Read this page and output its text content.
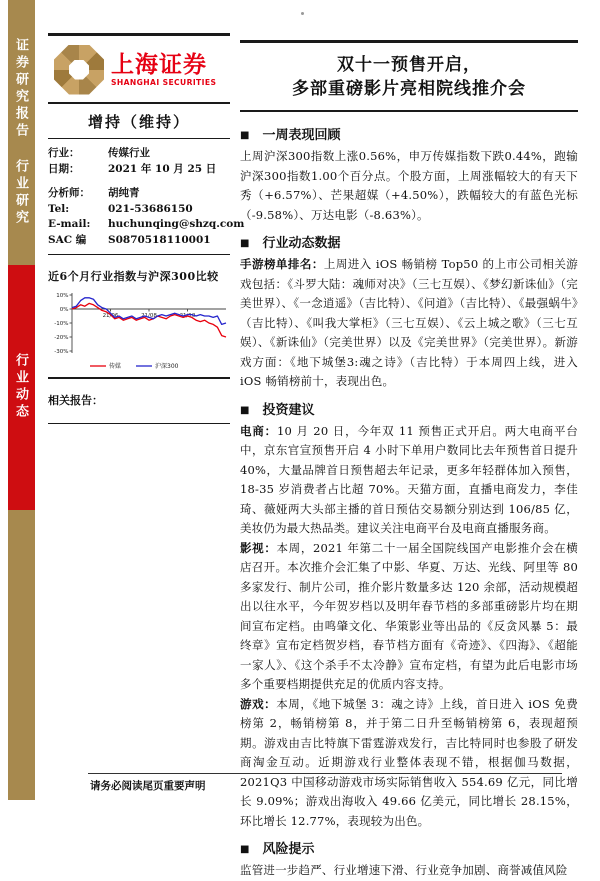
证券研究报告 行业研究
行业动态
上海证券
SHANGHAI SECURITIES
增持（维持）
行业：	传媒行业
日期：	2021 年 10 月 25 日
分析师：	胡纯青
Tel:	021-53686150
E-mail:	huchunqing@shzq.com
SAC 编	S0870518110001
近6个月行业指数与沪深300比较
10%
0%
-10%
-20%
-30%
21/06	21/08	21/10
传媒	沪深300
相关报告：
双十一预售开启，
多部重磅影片亮相院线推介会
■ 一周表现回顾

上周沪深300指数上涨0.56%，申万传媒指数下跌0.44%，跑输沪深300指数1.00个百分点。个股方面，上周涨幅较大的有天下秀（+6.57%）、芒果超媒（+4.50%），跌幅较大的有蓝色光标（-9.58%）、万达电影（-8.63%）。

■ 行业动态数据

手游榜单排名：上周进入 iOS 畅销榜 Top50 的上市公司相关游戏包括：《斗罗大陆：魂师对决》（三七互娱）、《梦幻新诛仙》（完美世界）、《一念逍遥》（吉比特）、《问道》（吉比特）、《最强蜗牛》（吉比特）、《叫我大掌柜》（三七互娱）、《云上城之歌》（三七互娱）、《新诛仙》（完美世界）以及《完美世界》（完美世界）。新游戏方面：《地下城堡3:魂之诗》（吉比特）于本周四上线，进入 iOS 畅销榜前十，表现出色。

■ 投资建议

电商：10 月 20 日，今年双 11 预售正式开启。两大电商平台中，京东官宣预售开启 4 小时下单用户数同比去年预售首日提升 40%，大量品牌首日预售超去年记录，更多年轻群体加入预售，18-35 岁消费者占比超 70%。天猫方面，直播电商发力，李佳琦、薇娅两大头部主播的首日预估交易额分别达到 106/85 亿，美妆仍为最大热品类。建议关注电商平台及电商直播服务商。

影视：本周，2021 年第二十一届全国院线国产电影推介会在横店召开。本次推介会汇集了中影、华夏、万达、光线、阿里等 80 多家发行、制片公司，推介影片数量多达 120 余部，活动规模超出以往水平，今年贺岁档以及明年春节档的多部重磅影片均在期间宣布定档。由鸣肇文化、华策影业等出品的《反贪风暴 5：最终章》宣布定档贺岁档，春节档方面有《奇迹》、《四海》、《超能一家人》、《这个杀手不太冷静》宣布定档，有望为此后电影市场多个重要档期提供充足的优质内容支持。

游戏：本周，《地下城堡 3：魂之诗》上线，首日进入 iOS 免费榜第 2，畅销榜第 8，并于第二日升至畅销榜第 6，表现超预期。游戏由吉比特旗下雷霆游戏发行，吉比特同时也参股了研发商淘金互动。近期游戏行业整体表现不错，根据伽马数据，2021Q3 中国移动游戏市场实际销售收入 554.69 亿元，同比增长 9.09%；游戏出海收入 49.66 亿美元，同比增长 28.15%，环比增长 12.77%，表现较为出色。

■ 风险提示

监管进一步趋严、行业增速下滑、行业竞争加剧、商誉减值风险

请务必阅读尾页重要声明
